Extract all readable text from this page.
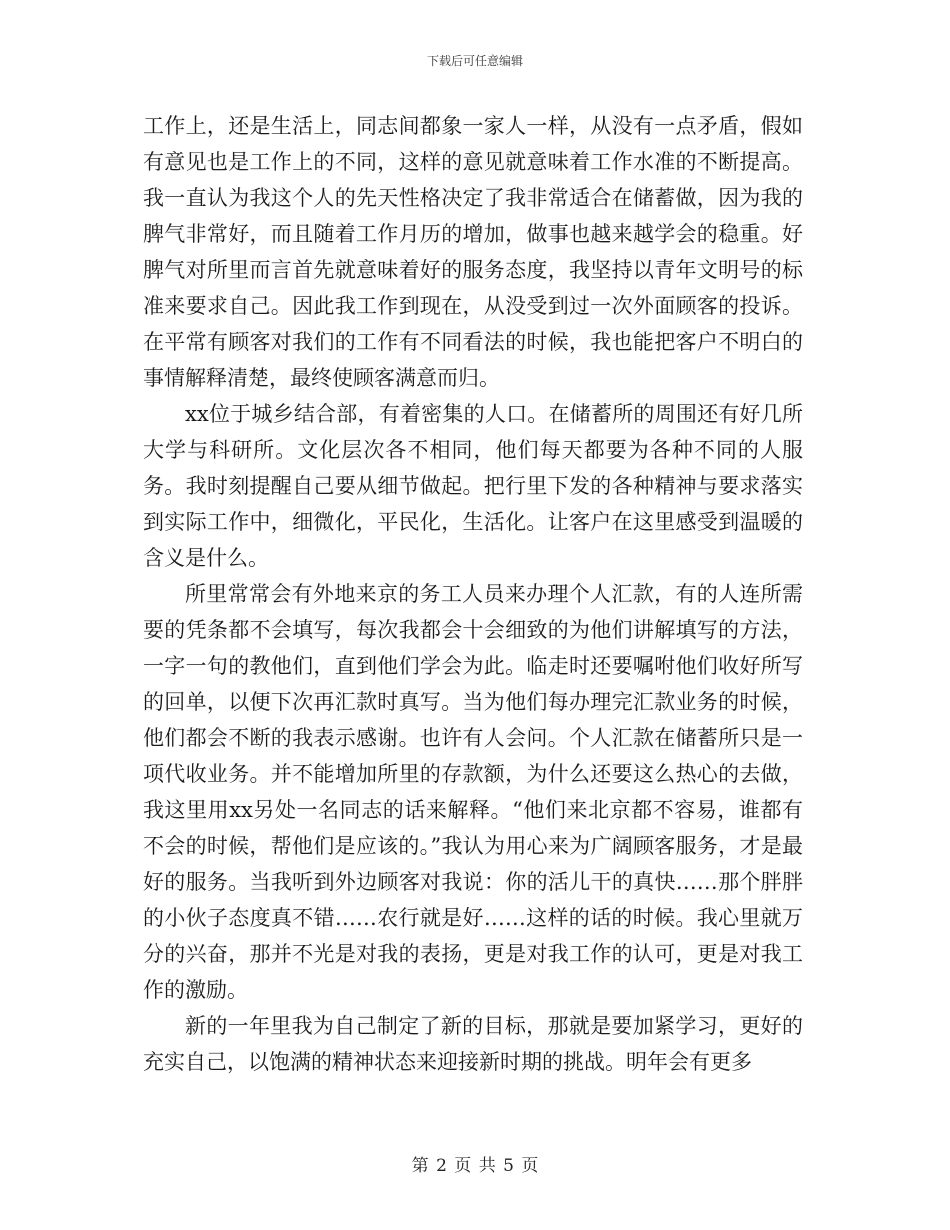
下载后可任意编辑

工作上，还是生活上，同志间都象一家人一样，从没有一点矛盾，假如有意见也是工作上的不同，这样的意见就意味着工作水准的不断提高。我一直认为我这个人的先天性格决定了我非常适合在储蓄做，因为我的脾气非常好，而且随着工作月历的增加，做事也越来越学会的稳重。好脾气对所里而言首先就意味着好的服务态度，我坚持以青年文明号的标准来要求自己。因此我工作到现在，从没受到过一次外面顾客的投诉。在平常有顾客对我们的工作有不同看法的时候，我也能把客户不明白的事情解释清楚，最终使顾客满意而归。

xx位于城乡结合部，有着密集的人口。在储蓄所的周围还有好几所大学与科研所。文化层次各不相同，他们每天都要为各种不同的人服务。我时刻提醒自己要从细节做起。把行里下发的各种精神与要求落实到实际工作中，细微化，平民化，生活化。让客户在这里感受到温暖的含义是什么。

所里常常会有外地来京的务工人员来办理个人汇款，有的人连所需要的凭条都不会填写，每次我都会十会细致的为他们讲解填写的方法，一字一句的教他们，直到他们学会为此。临走时还要嘱咐他们收好所写的回单，以便下次再汇款时真写。当为他们每办理完汇款业务的时候，他们都会不断的我表示感谢。也许有人会问。个人汇款在储蓄所只是一项代收业务。并不能增加所里的存款额，为什么还要这么热心的去做，我这里用xx另处一名同志的话来解释。“他们来北京都不容易，谁都有不会的时候，帮他们是应该的。”我认为用心来为广阔顾客服务，才是最好的服务。当我听到外边顾客对我说：你的活儿干的真快……那个胖胖的小伙子态度真不错……农行就是好……这样的话的时候。我心里就万分的兴奋，那并不光是对我的表扬，更是对我工作的认可，更是对我工作的激励。

新的一年里我为自己制定了新的目标，那就是要加紧学习，更好的充实自己，以饱满的精神状态来迎接新时期的挑战。明年会有更多

第 2 页 共 5 页
